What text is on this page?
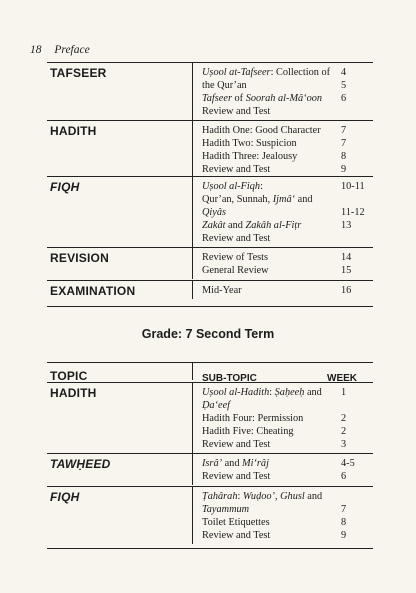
18 Preface
TAFSEER	Uṣool at-Tafseer: Collection of 4
the Qur’an	5
Tafseer of Soorah al-Mâ‘oon 6
Review and Test
HADITH	Hadith One: Good Character 7
Hadith Two: Suspicion	7
Hadith Three: Jealousy	8
Review and Test	9
FIQH	Uṣool al-Fiqh:	10-11
Qur’an, Sunnah, Ijmâ‘ and
Qiyâs	11-12
Zakât and Zakâh al-Fiṭr	13
Review and Test
REVISION	Review of Tests	14
General Review	15
EXAMINATION	Mid-Year	16
Grade: 7 Second Term
TOPIC	SUB-TOPIC	WEEK
HADITH	Uṣool al-Hadith: Ṣaḥeeḥ and 1
Ḍa‘eef
Hadith Four: Permission	2
Hadith Five: Cheating	2
Review and Test	3
TAWḤEED	Isrâ’ and Mi‘râj	4-5
Review and Test	6
FIQH	Ṭahârah: Wuḍoo’, Ghusl and
Tayammum	7
Toilet Etiquettes	8
Review and Test	9
